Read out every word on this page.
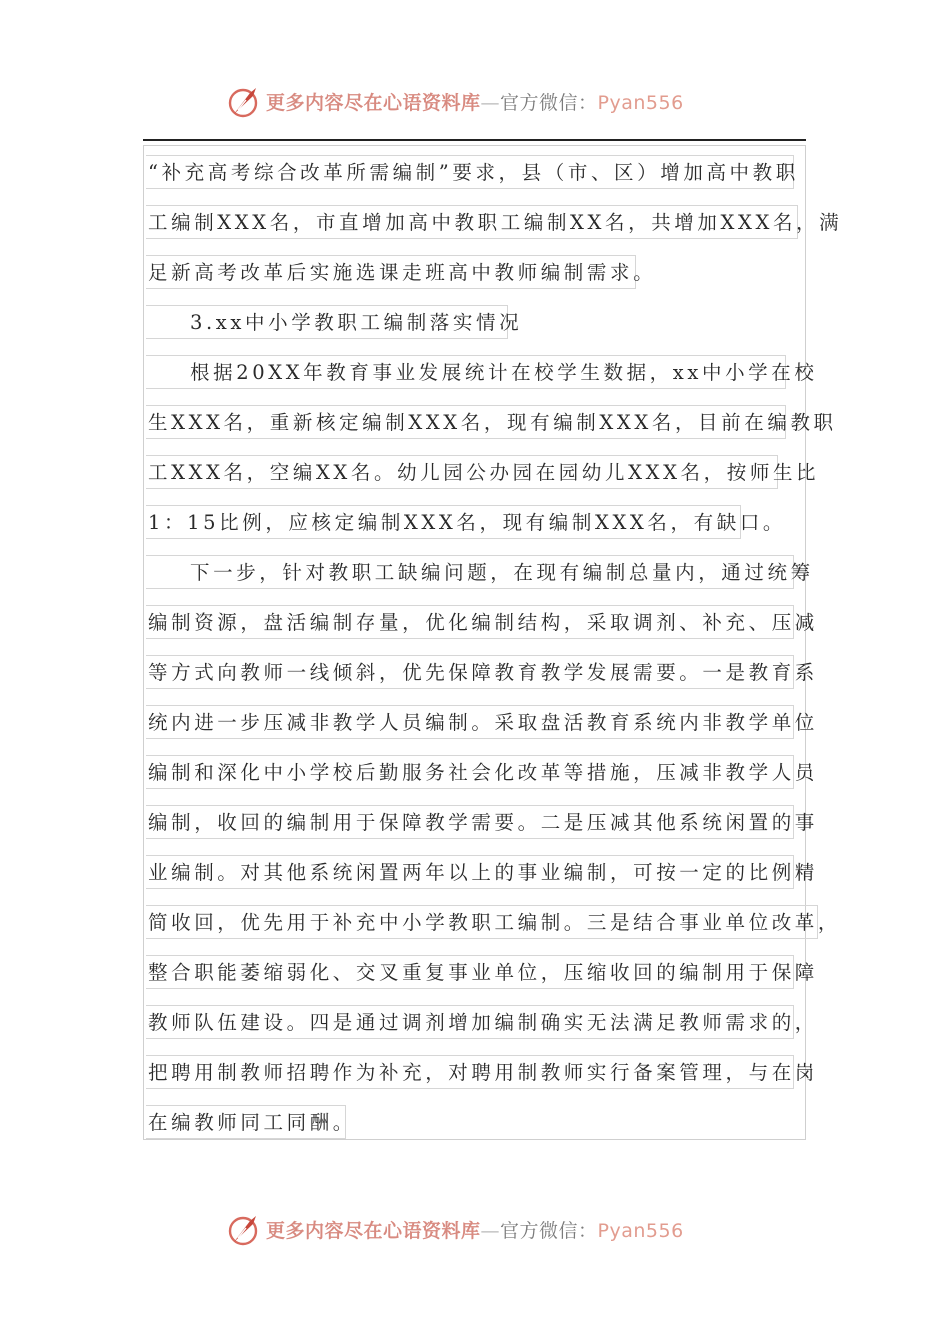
更多内容尽在心语资料库—官方微信：Pyan556
“补充高考综合改革所需编制”要求，县（市、区）增加高中教职
工编制XXX名，市直增加高中教职工编制XX名，共增加XXX名，满
足新高考改革后实施选课走班高中教师编制需求。
3.xx中小学教职工编制落实情况
根据20XX年教育事业发展统计在校学生数据，xx中小学在校
生XXX名，重新核定编制XXX名，现有编制XXX名，目前在编教职
工XXX名，空编XX名。幼儿园公办园在园幼儿XXX名，按师生比
1：15比例，应核定编制XXX名，现有编制XXX名，有缺口。
下一步，针对教职工缺编问题，在现有编制总量内，通过统筹
编制资源，盘活编制存量，优化编制结构，采取调剂、补充、压减
等方式向教师一线倾斜，优先保障教育教学发展需要。一是教育系
统内进一步压减非教学人员编制。采取盘活教育系统内非教学单位
编制和深化中小学校后勤服务社会化改革等措施，压减非教学人员
编制，收回的编制用于保障教学需要。二是压减其他系统闲置的事
业编制。对其他系统闲置两年以上的事业编制，可按一定的比例精
简收回，优先用于补充中小学教职工编制。三是结合事业单位改革，
整合职能萎缩弱化、交叉重复事业单位，压缩收回的编制用于保障
教师队伍建设。四是通过调剂增加编制确实无法满足教师需求的，
把聘用制教师招聘作为补充，对聘用制教师实行备案管理，与在岗
在编教师同工同酬。
更多内容尽在心语资料库—官方微信：Pyan556
